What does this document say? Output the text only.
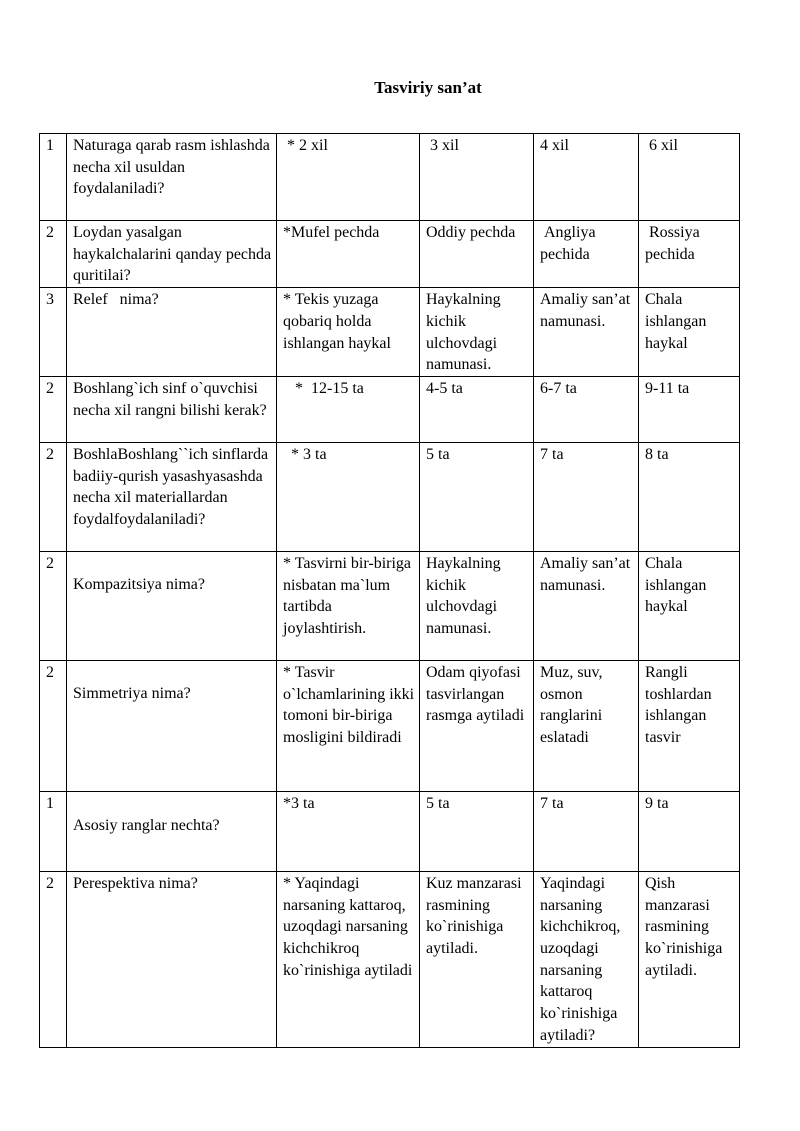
Tasviriy san’at
1	Naturaga qarab rasm ishlashda necha xil usuldan foydalaniladi?	* 2 xil	3 xil	4 xil	6 xil
2	Loydan yasalgan haykalchalarini qanday pechda quritilai?	*Mufel pechda	Oddiy pechda	Angliya pechida	Rossiya pechida
3	Relef   nima?	* Tekis yuzaga qobariq holda ishlangan haykal	Haykalning kichik ulchovdagi namunasi.	Amaliy san’at namunasi.	Chala ishlangan haykal
2	Boshlang`ich sinf o`quvchisi necha xil rangni bilishi kerak?	*  12-15 ta	4-5 ta	6-7 ta	9-11 ta
2	BoshlaBoshlang``ich sinflarda badiiy-qurish yasashyasashda necha xil materiallardan foydalfoydalaniladi?	* 3 ta	5 ta	7 ta	8 ta
2	Kompazitsiya nima?	* Tasvirni bir-biriga nisbatan ma`lum tartibda joylashtirish.	Haykalning kichik ulchovdagi namunasi.	Amaliy san’at namunasi.	Chala ishlangan haykal
2	Simmetriya nima?	* Tasvir o`lchamlarining ikki tomoni bir-biriga mosligini bildiradi	Odam qiyofasi tasvirlangan rasmga aytiladi	Muz, suv, osmon ranglarini eslatadi	Rangli toshlardan ishlangan tasvir
1	Asosiy ranglar nechta?	*3 ta	5 ta	7 ta	9 ta
2	Perespektiva nima?	* Yaqindagi narsaning kattaroq, uzoqdagi narsaning kichchikroq ko`rinishiga aytiladi	Kuz manzarasi rasmining ko`rinishiga aytiladi.	Yaqindagi narsaning kichchikroq, uzoqdagi narsaning kattaroq ko`rinishiga aytiladi?	Qish manzarasi rasmining ko`rinishiga aytiladi.
